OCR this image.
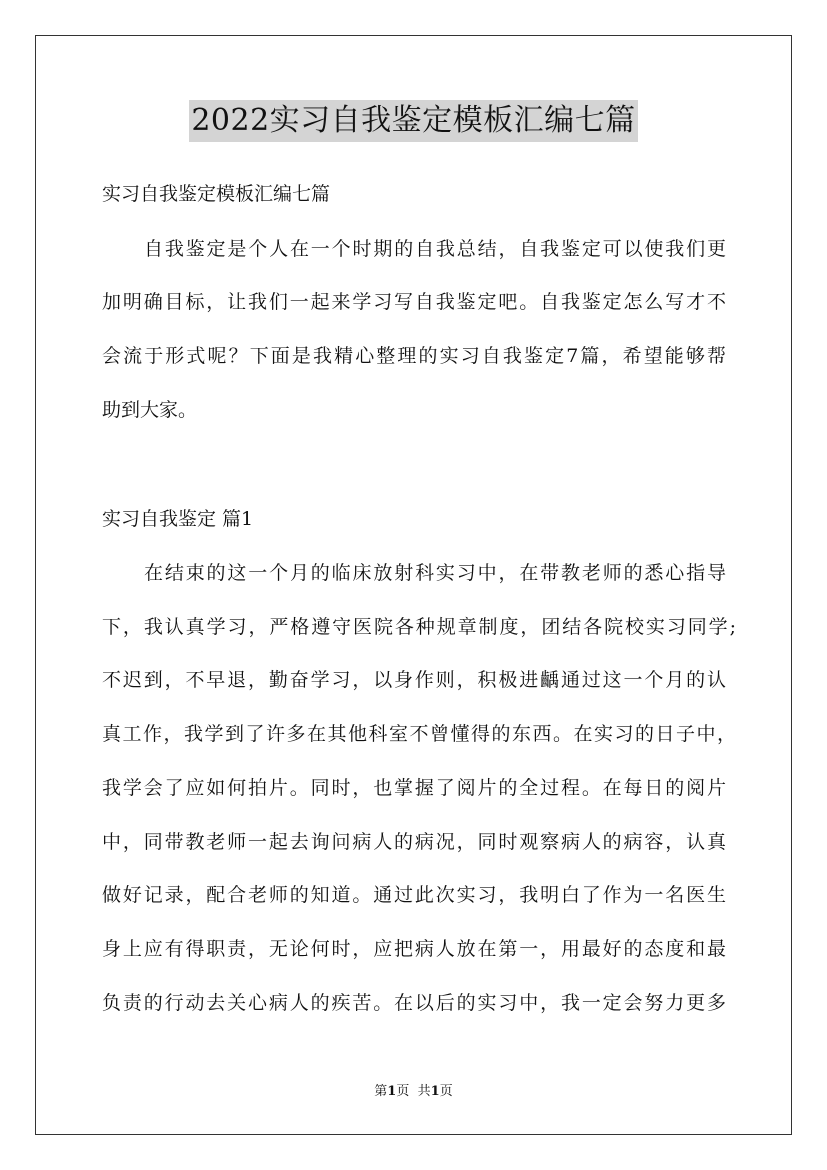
2022实习自我鉴定模板汇编七篇
实习自我鉴定模板汇编七篇
自我鉴定是个人在一个时期的自我总结，自我鉴定可以使我们更
加明确目标，让我们一起来学习写自我鉴定吧。自我鉴定怎么写才不
会流于形式呢？下面是我精心整理的实习自我鉴定7篇，希望能够帮
助到大家。
实习自我鉴定 篇1
在结束的这一个月的临床放射科实习中，在带教老师的悉心指导
下，我认真学习，严格遵守医院各种规章制度，团结各院校实习同学;
不迟到，不早退，勤奋学习，以身作则，积极进齲通过这一个月的认
真工作，我学到了许多在其他科室不曾懂得的东西。在实习的日子中，
我学会了应如何拍片。同时，也掌握了阅片的全过程。在每日的阅片
中，同带教老师一起去询问病人的病况，同时观察病人的病容，认真
做好记录，配合老师的知道。通过此次实习，我明白了作为一名医生
身上应有得职责，无论何时，应把病人放在第一，用最好的态度和最
负责的行动去关心病人的疾苦。在以后的实习中，我一定会努力更多
第1页 共1页
